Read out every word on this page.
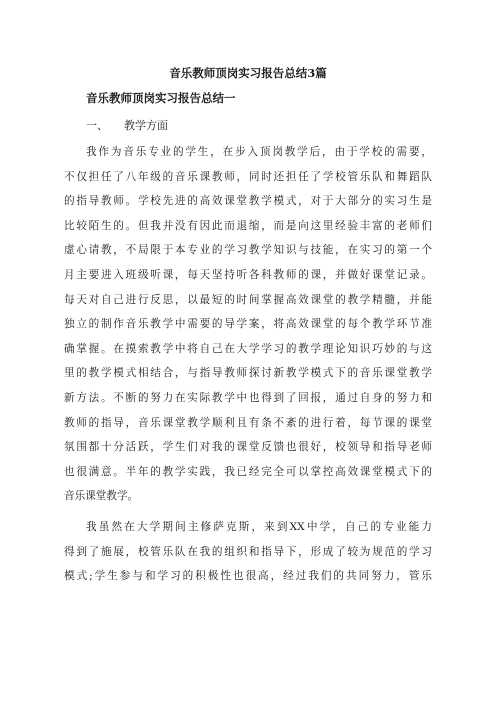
音乐教师顶岗实习报告总结3篇
音乐教师顶岗实习报告总结一
一、 教学方面
我作为音乐专业的学生，在步入顶岗教学后，由于学校的需要，
不仅担任了八年级的音乐课教师，同时还担任了学校管乐队和舞蹈队
的指导教师。学校先进的高效课堂教学模式，对于大部分的实习生是
比较陌生的。但我并没有因此而退缩，而是向这里经验丰富的老师们
虚心请教，不局限于本专业的学习教学知识与技能，在实习的第一个
月主要进入班级听课，每天坚持听各科教师的课，并做好课堂记录。
每天对自己进行反思，以最短的时间掌握高效课堂的教学精髓，并能
独立的制作音乐教学中需要的导学案，将高效课堂的每个教学环节准
确掌握。在摸索教学中将自己在大学学习的教学理论知识巧妙的与这
里的教学模式相结合，与指导教师探讨新教学模式下的音乐课堂教学
新方法。不断的努力在实际教学中也得到了回报，通过自身的努力和
教师的指导，音乐课堂教学顺利且有条不紊的进行着，每节课的课堂
氛围都十分活跃，学生们对我的课堂反馈也很好，校领导和指导老师
也很满意。半年的教学实践，我已经完全可以掌控高效课堂模式下的
音乐课堂教学。
我虽然在大学期间主修萨克斯，来到XX中学，自己的专业能力
得到了施展，校管乐队在我的组织和指导下，形成了较为规范的学习
模式;学生参与和学习的积极性也很高，经过我们的共同努力，管乐
